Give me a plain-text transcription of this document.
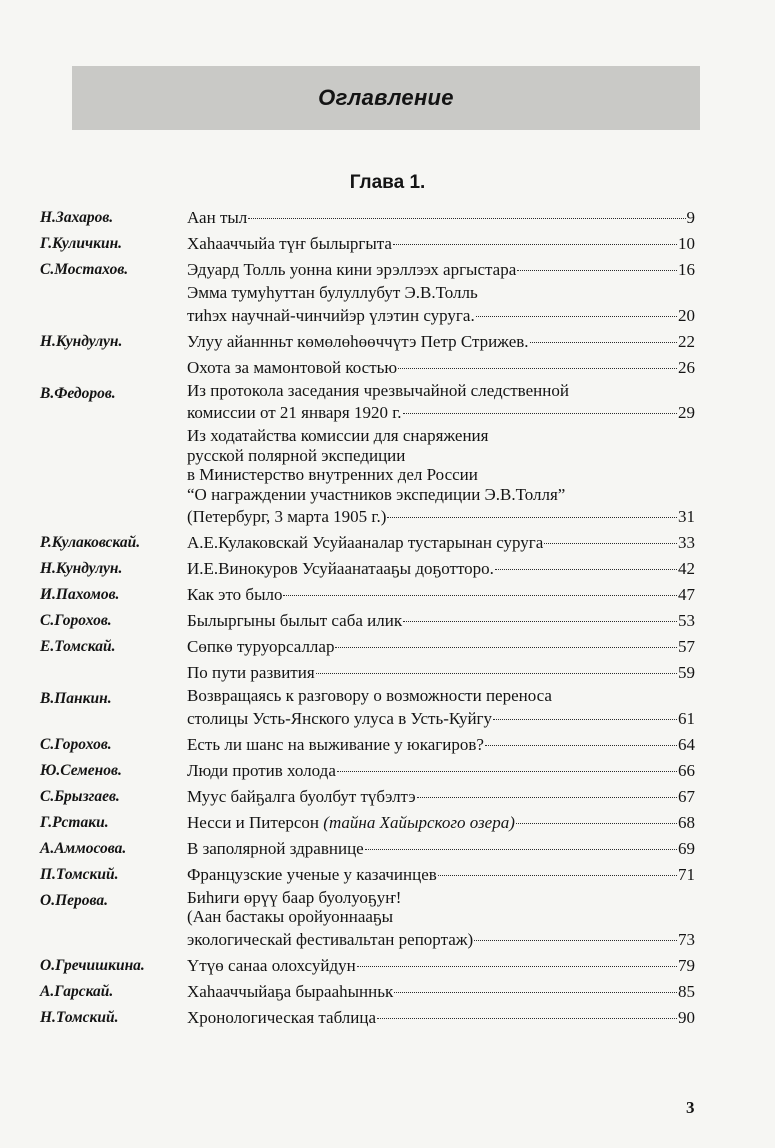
Оглавление
Глава 1.
Н.Захаров.	Аан тыл	9
Г.Куличкин.	Хаһааччыйа түҥ былыргыта	10
С.Мостахов.	Эдуард Толль уонна кини эрэллээх аргыстара	16
Эмма тумуһуттан булуллубут Э.В.Толль
тиһэх научнай-чинчийэр үлэтин суруга.	20
Н.Кундулун.	Улуу айаннньт көмөлөһөөччүтэ Петр Стрижев.	22
Охота за мамонтовой костью	26
В.Федоров.	Из протокола заседания чрезвычайной следственной
комиссии от 21 января 1920 г.	29
Из ходатайства комиссии для снаряжения
русской полярной экспедиции
в Министерство внутренних дел России
“О награждении участников экспедиции Э.В.Толля”
(Петербург, 3 марта 1905 г.)	31
Р.Кулаковскай.	А.Е.Кулаковскай Усуйааналар тустарынан суруга	33
Н.Кундулун.	И.Е.Винокуров Усуйаанатааҕы доҕотторо.	42
И.Пахомов.	Как это было	47
С.Горохов.	Былыргыны былыт саба илик	53
Е.Томскай.	Сөпкө туруорсаллар	57
По пути развития	59
В.Панкин.	Возвращаясь к разговору о возможности переноса
столицы Усть-Янского улуса в Усть-Куйгу	61
С.Горохов.	Есть ли шанс на выживание у юкагиров?	64
Ю.Семенов.	Люди против холода	66
С.Брызгаев.	Муус байҕалга буолбут түбэлтэ	67
Г.Рстаки.	Несси и Питерсон (тайна Хайырского озера)	68
А.Аммосова.	В заполярной здравнице	69
П.Томский.	Французские ученые у казачинцев	71
О.Перова.	Биһиги өрүү баар буолуоҕуҥ!
(Аан бастакы оройуоннааҕы
экологическай фестивальтан репортаж)	73
О.Гречишкина.	Үтүө санаа олохсуйдун	79
А.Гарскай.	Хаһааччыйаҕа бырааһынньк	85
Н.Томский.	Хронологическая таблица	90
3
